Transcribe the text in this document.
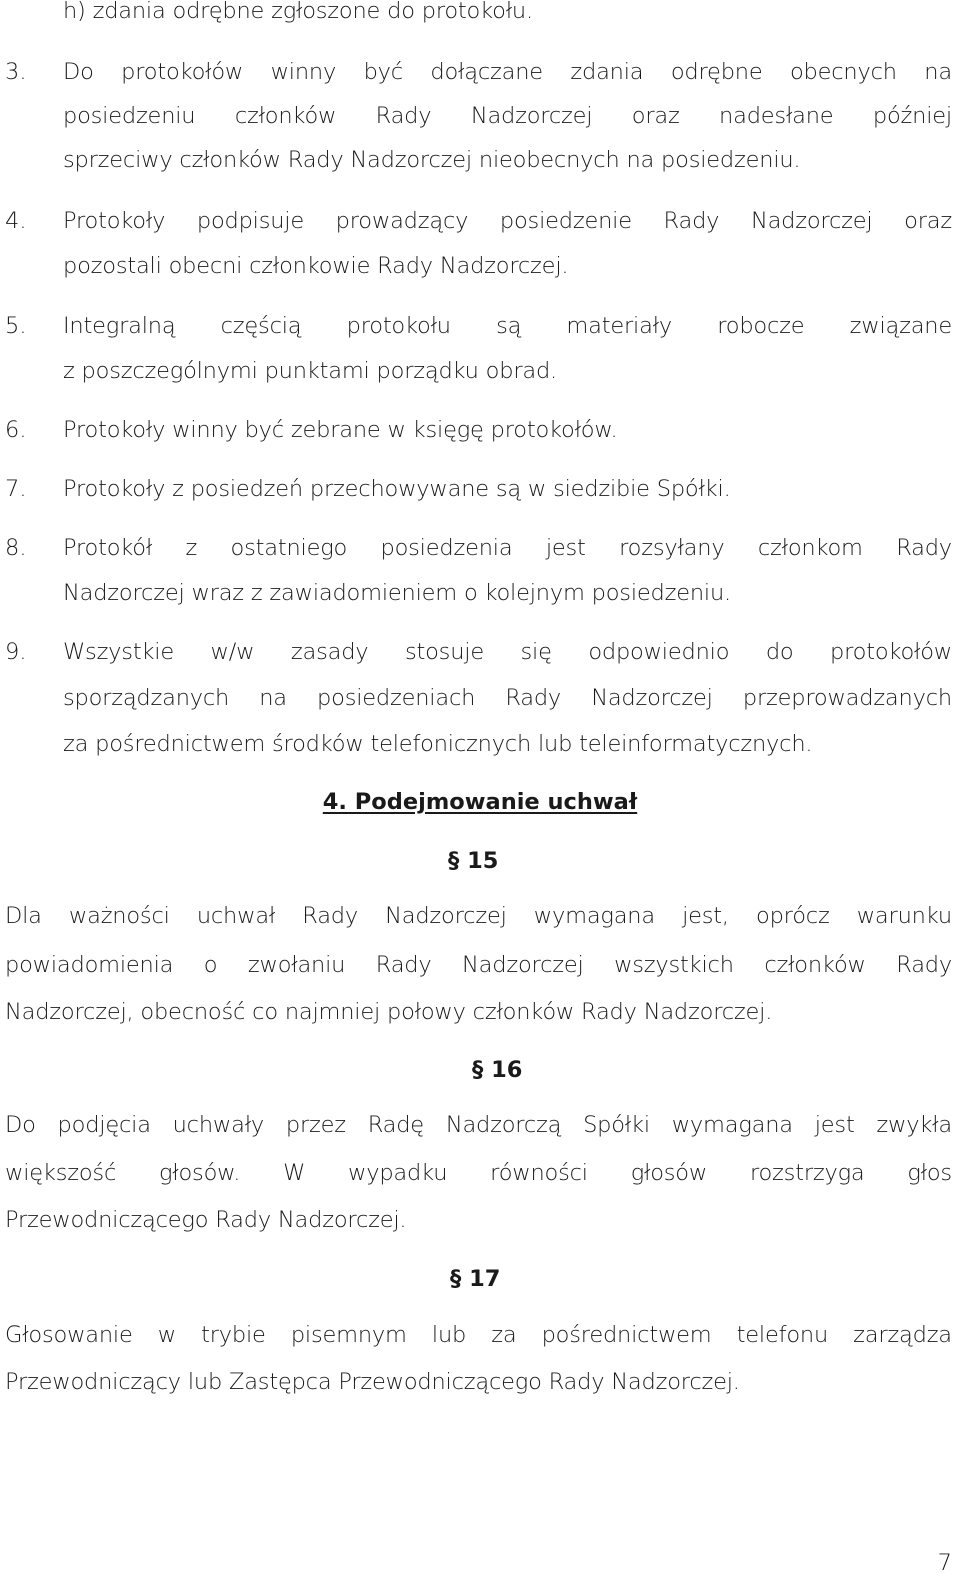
h) zdania odrębne zgłoszone do protokołu.
3. Do protokołów winny być dołączane zdania odrębne obecnych na
posiedzeniu członków Rady Nadzorczej oraz nadesłane później
sprzeciwy członków Rady Nadzorczej nieobecnych na posiedzeniu.
4. Protokoły podpisuje prowadzący posiedzenie Rady Nadzorczej oraz
pozostali obecni członkowie Rady Nadzorczej.
5. Integralną częścią protokołu są materiały robocze związane
z poszczególnymi punktami porządku obrad.
6. Protokoły winny być zebrane w księgę protokołów.
7. Protokoły z posiedzeń przechowywane są w siedzibie Spółki.
8. Protokół z ostatniego posiedzenia jest rozsyłany członkom Rady
Nadzorczej wraz z zawiadomieniem o kolejnym posiedzeniu.
9. Wszystkie w/w zasady stosuje się odpowiednio do protokołów
sporządzanych na posiedzeniach Rady Nadzorczej przeprowadzanych
za pośrednictwem środków telefonicznych lub teleinformatycznych.
4. Podejmowanie uchwał
§ 15
Dla ważności uchwał Rady Nadzorczej wymagana jest, oprócz warunku
powiadomienia o zwołaniu Rady Nadzorczej wszystkich członków Rady
Nadzorczej, obecność co najmniej połowy członków Rady Nadzorczej.
§ 16
Do podjęcia uchwały przez Radę Nadzorczą Spółki wymagana jest zwykła
większość głosów. W wypadku równości głosów rozstrzyga głos
Przewodniczącego Rady Nadzorczej.
§ 17
Głosowanie w trybie pisemnym lub za pośrednictwem telefonu zarządza
Przewodniczący lub Zastępca Przewodniczącego Rady Nadzorczej.
7
